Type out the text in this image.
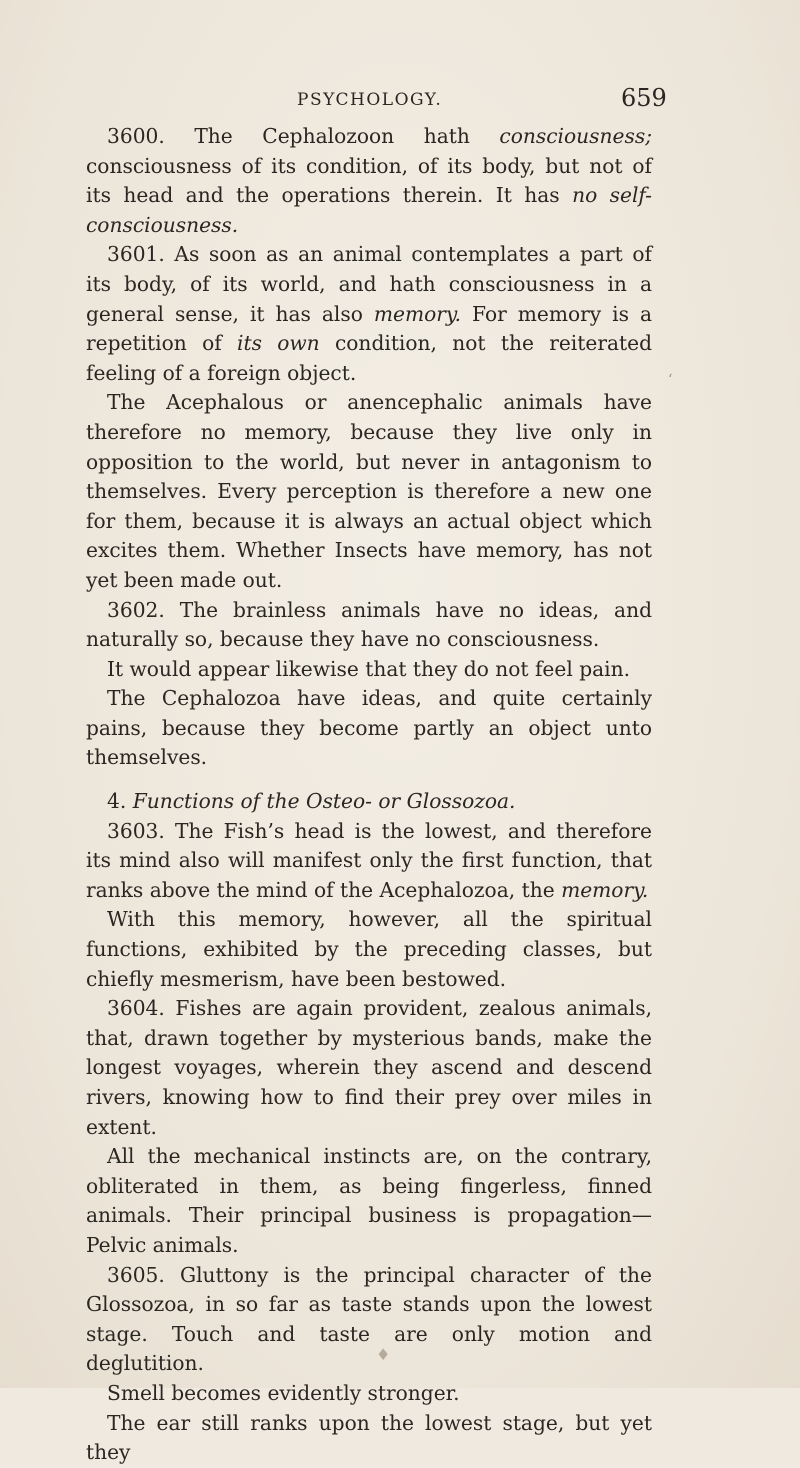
PSYCHOLOGY.	659

3600. The Cephalozoon hath consciousness; consciousness of its condition, of its body, but not of its head and the operations therein. It has no self-consciousness.

3601. As soon as an animal contemplates a part of its body, of its world, and hath consciousness in a general sense, it has also memory. For memory is a repetition of its own condition, not the reiterated feeling of a foreign object.

The Acephalous or anencephalic animals have therefore no memory, because they live only in opposition to the world, but never in antagonism to themselves. Every perception is therefore a new one for them, because it is always an actual object which excites them. Whether Insects have memory, has not yet been made out.

3602. The brainless animals have no ideas, and naturally so, because they have no consciousness.

It would appear likewise that they do not feel pain.

The Cephalozoa have ideas, and quite certainly pains, because they become partly an object unto themselves.

4. Functions of the Osteo- or Glossozoa.

3603. The Fish’s head is the lowest, and therefore its mind also will manifest only the first function, that ranks above the mind of the Acephalozoa, the memory.

With this memory, however, all the spiritual functions, exhibited by the preceding classes, but chiefly mesmerism, have been bestowed.

3604. Fishes are again provident, zealous animals, that, drawn together by mysterious bands, make the longest voyages, wherein they ascend and descend rivers, knowing how to find their prey over miles in extent.

All the mechanical instincts are, on the contrary, obliterated in them, as being fingerless, finned animals. Their principal business is propagation—Pelvic animals.

3605. Gluttony is the principal character of the Glossozoa, in so far as taste stands upon the lowest stage. Touch and taste are only motion and deglutition.

Smell becomes evidently stronger.

The ear still ranks upon the lowest stage, but yet they

‘
♦
